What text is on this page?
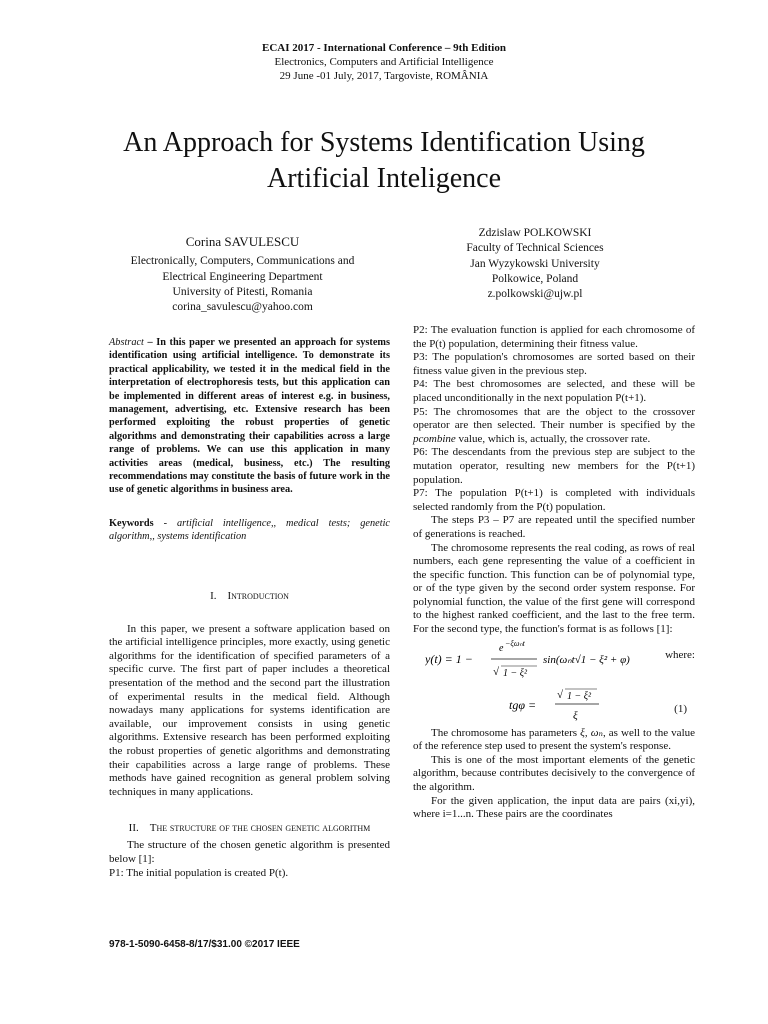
ECAI 2017 - International Conference – 9th Edition
Electronics, Computers and Artificial Intelligence
29 June -01 July, 2017, Targoviste, ROMÂNIA
An Approach for Systems Identification Using
Artificial Inteligence
Corina SAVULESCU
Electronically, Computers, Communications and
Electrical Engineering Department
University of Pitesti, Romania
corina_savulescu@yahoo.com
Zdzislaw POLKOWSKI
Faculty of Technical Sciences
Jan Wyzykowski University
Polkowice, Poland
z.polkowski@ujw.pl

Abstract – In this paper we presented an approach for systems identification using artificial intelligence. To demonstrate its practical applicability, we tested it in the medical field in the interpretation of electrophoresis tests, but this application can be implemented in different areas of interest e.g. in business, management, advertising, etc. Extensive research has been performed exploiting the robust properties of genetic algorithms and demonstrating their capabilities across a large range of problems. We can use this application in many activities areas (medical, business, etc.) The resulting recommendations may constitute the basis of future work in the use of genetic algorithms in business area.

Keywords - artificial intelligence,, medical tests; genetic algorithm,, systems identification

I. Introduction

In this paper, we present a software application based on the artificial intelligence principles, more exactly, using genetic algorithms for the identification of specified parameters of a specific curve. The first part of paper includes a theoretical presentation of the method and the second part the illustration of experimental results in the medical field. Although nowadays many applications for systems identification are available, our improvement consists in using genetic algorithms. Extensive research has been performed exploiting the robust properties of genetic algorithms and demonstrating their capabilities across a large range of problems. These methods have gained recognition as general problem solving techniques in many applications.

II. The structure of the chosen genetic algorithm

The structure of the chosen genetic algorithm is presented below [1]:

P1: The initial population is created P(t).

P2: The evaluation function is applied for each chromosome of the P(t) population, determining their fitness value.

P3: The population's chromosomes are sorted based on their fitness value given in the previous step.

P4: The best chromosomes are selected, and these will be placed unconditionally in the next population P(t+1).

P5: The chromosomes that are the object to the crossover operator are then selected. Their number is specified by the pcombine value, which is, actually, the crossover rate.

P6: The descendants from the previous step are subject to the mutation operator, resulting new members for the P(t+1) population.

P7: The population P(t+1) is completed with individuals selected randomly from the P(t) population.

The steps P3 – P7 are repeated until the specified number of generations is reached.

The chromosome represents the real coding, as rows of real numbers, each gene representing the value of a coefficient in the specific function. This function can be of polynomial type, or of the type given by the second order system response. For polynomial function, the value of the first gene will correspond to the highest ranked coefficient, and the last to the free term. For the second type, the function's format is as follows [1]:

y(t) = 1 −
e −ξωₙt
√ 1 − ξ²
sin(ωₙt√1 − ξ² + φ)	where:
tgφ =
√ 1 − ξ²
ξ
(1)

The chromosome has parameters ξ, ωₙ, as well to the value of the reference step used to present the system's response.

This is one of the most important elements of the genetic algorithm, because contributes decisively to the convergence of the algorithm.

For the given application, the input data are pairs (xi,yi), where i=1...n. These pairs are the coordinates

978-1-5090-6458-8/17/$31.00 ©2017 IEEE
